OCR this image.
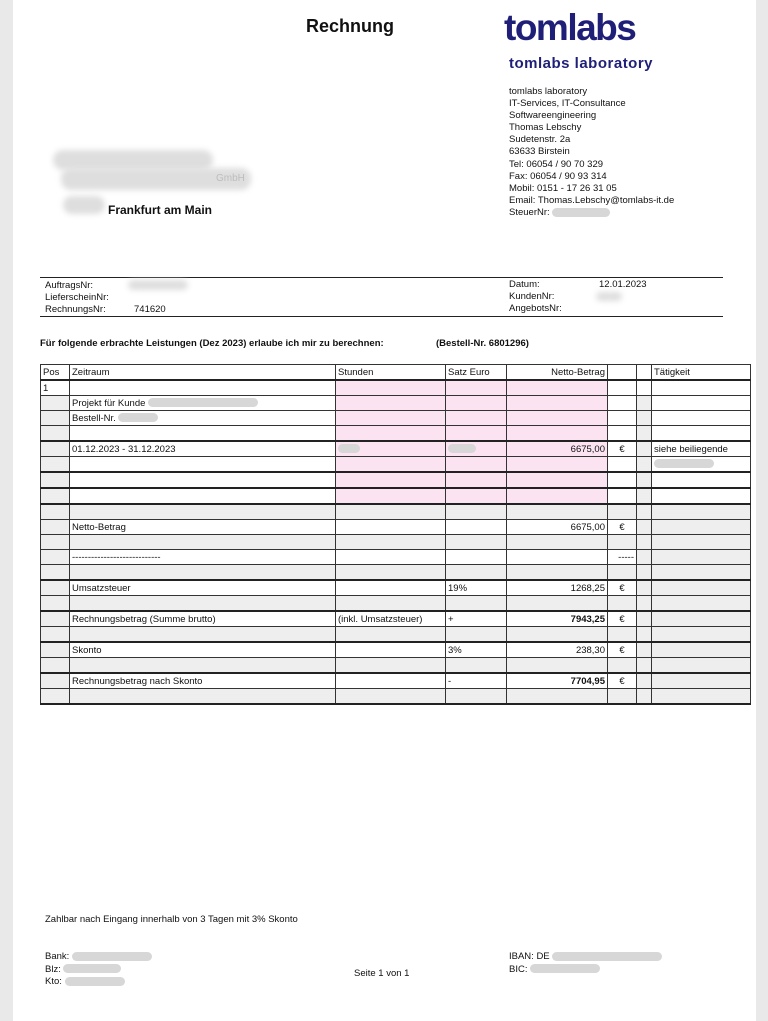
Rechnung	tomlabs
tomlabs laboratory
tomlabs laboratory
IT-Services, IT-Consultance
Softwareengineering
Thomas Lebschy
Sudetenstr. 2a
63633 Birstein
Tel: 06054 / 90 70 329
Fax: 06054 / 90 93 314
Mobil: 0151 - 17 26 31 05
Email: Thomas.Lebschy@tomlabs-it.de
SteuerNr:
GmbH
Frankfurt am Main
AuftragsNr:
LieferscheinNr:
RechnungsNr:	741620
Datum:	12.01.2023
KundenNr:
AngebotsNr:
Für folgende erbrachte Leistungen (Dez 2023) erlaube ich mir zu berechnen:	(Bestell-Nr. 6801296)
Pos	Zeitraum	Stunden	Satz Euro	Netto-Betrag			Tätigkeit
1							
	Projekt für Kunde						
	Bestell-Nr.						

	01.12.2023 - 31.12.2023			6675,00	€		siehe beiliegende

	Netto-Betrag			6675,00	€		

	----------------------------				-----		

	Umsatzsteuer		19%	1268,25	€		

	Rechnungsbetrag (Summe brutto)	(inkl. Umsatzsteuer)	+	7943,25	€		

	Skonto		3%	238,30	€		

	Rechnungsbetrag nach Skonto		-	7704,95	€		

Zahlbar nach Eingang innerhalb von 3 Tagen mit 3% Skonto
Bank:
Blz:
Kto:
Seite 1 von 1
IBAN: DE
BIC:
